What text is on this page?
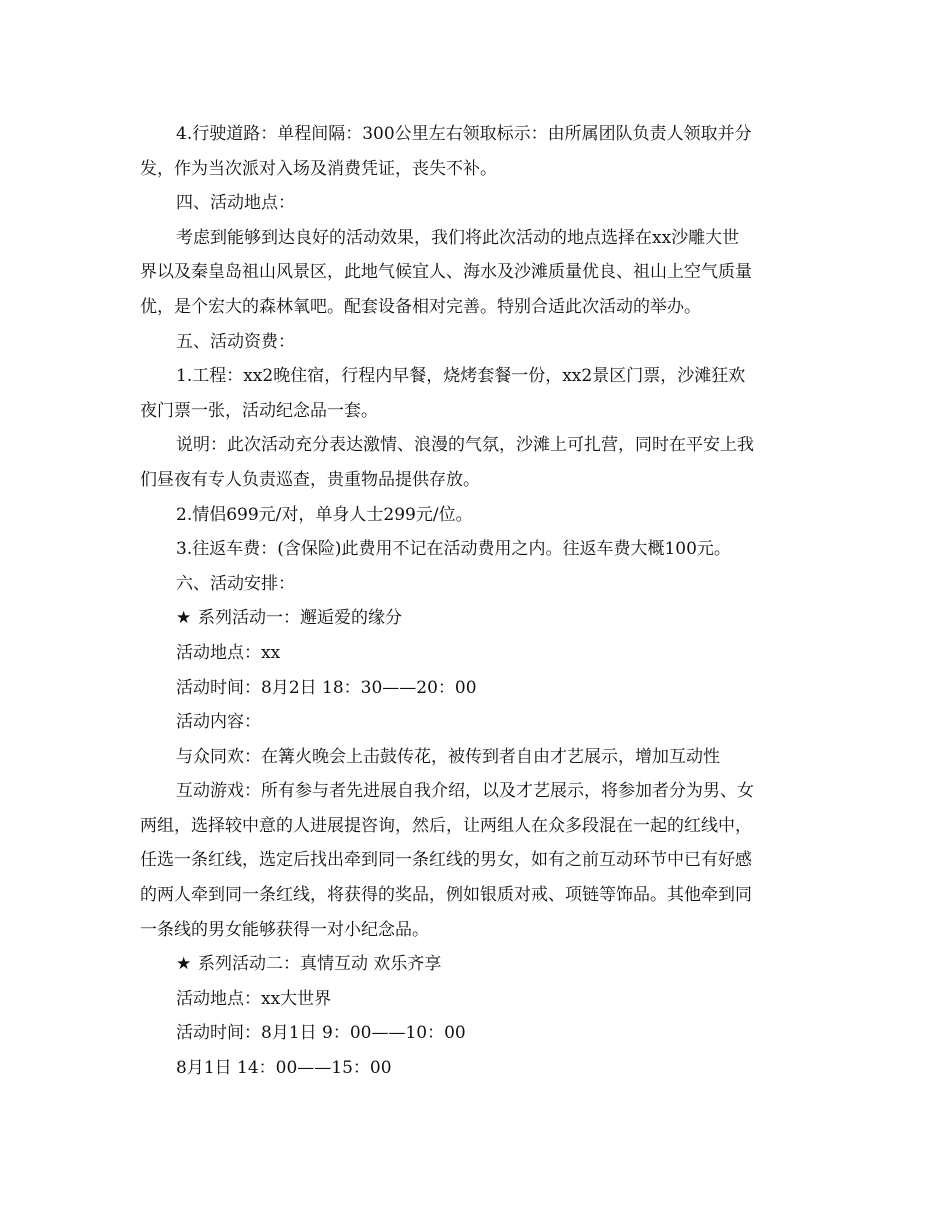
4.行驶道路：单程间隔：300公里左右领取标示：由所属团队负责人领取并分
发，作为当次派对入场及消费凭证，丧失不补。
四、活动地点：
考虑到能够到达良好的活动效果，我们将此次活动的地点选择在xx沙雕大世
界以及秦皇岛祖山风景区，此地气候宜人、海水及沙滩质量优良、祖山上空气质量
优，是个宏大的森林氧吧。配套设备相对完善。特别合适此次活动的举办。
五、活动资费：
1.工程：xx2晚住宿，行程内早餐，烧烤套餐一份，xx2景区门票，沙滩狂欢
夜门票一张，活动纪念品一套。
说明：此次活动充分表达激情、浪漫的气氛，沙滩上可扎营，同时在平安上我
们昼夜有专人负责巡查，贵重物品提供存放。
2.情侣699元/对，单身人士299元/位。
3.往返车费：(含保险)此费用不记在活动费用之内。往返车费大概100元。
六、活动安排：
★ 系列活动一：邂逅爱的缘分
活动地点：xx
活动时间：8月2日 18：30——20：00
活动内容：
与众同欢：在篝火晚会上击鼓传花，被传到者自由才艺展示，增加互动性
互动游戏：所有参与者先进展自我介绍，以及才艺展示，将参加者分为男、女
两组，选择较中意的人进展提咨询，然后，让两组人在众多段混在一起的红线中，
任选一条红线，选定后找出牵到同一条红线的男女，如有之前互动环节中已有好感
的两人牵到同一条红线，将获得的奖品，例如银质对戒、项链等饰品。其他牵到同
一条线的男女能够获得一对小纪念品。
★ 系列活动二：真情互动 欢乐齐享
活动地点：xx大世界
活动时间：8月1日 9：00——10：00
8月1日 14：00——15：00
